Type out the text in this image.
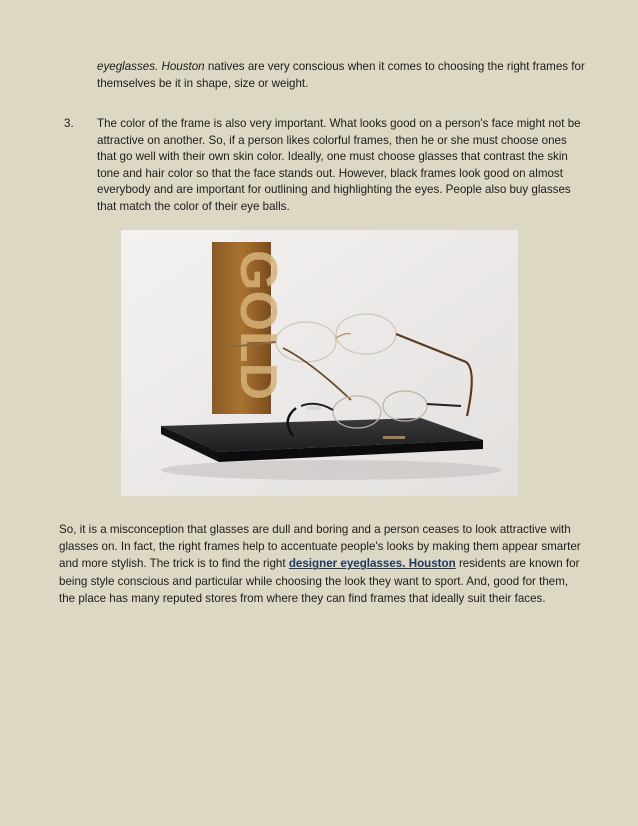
eyeglasses. Houston natives are very conscious when it comes to choosing the right frames for themselves be it in shape, size or weight.

3. The color of the frame is also very important. What looks good on a person's face might not be attractive on another. So, if a person likes colorful frames, then he or she must choose ones that go well with their own skin color. Ideally, one must choose glasses that contrast the skin tone and hair color so that the face stands out. However, black frames look good on almost everybody and are important for outlining and highlighting the eyes. People also buy glasses that match the color of their eye balls.

GOLD

So, it is a misconception that glasses are dull and boring and a person ceases to look attractive with glasses on. In fact, the right frames help to accentuate people's looks by making them appear smarter and more stylish. The trick is to find the right designer eyeglasses. Houston residents are known for being style conscious and particular while choosing the look they want to sport. And, good for them, the place has many reputed stores from where they can find frames that ideally suit their faces.
